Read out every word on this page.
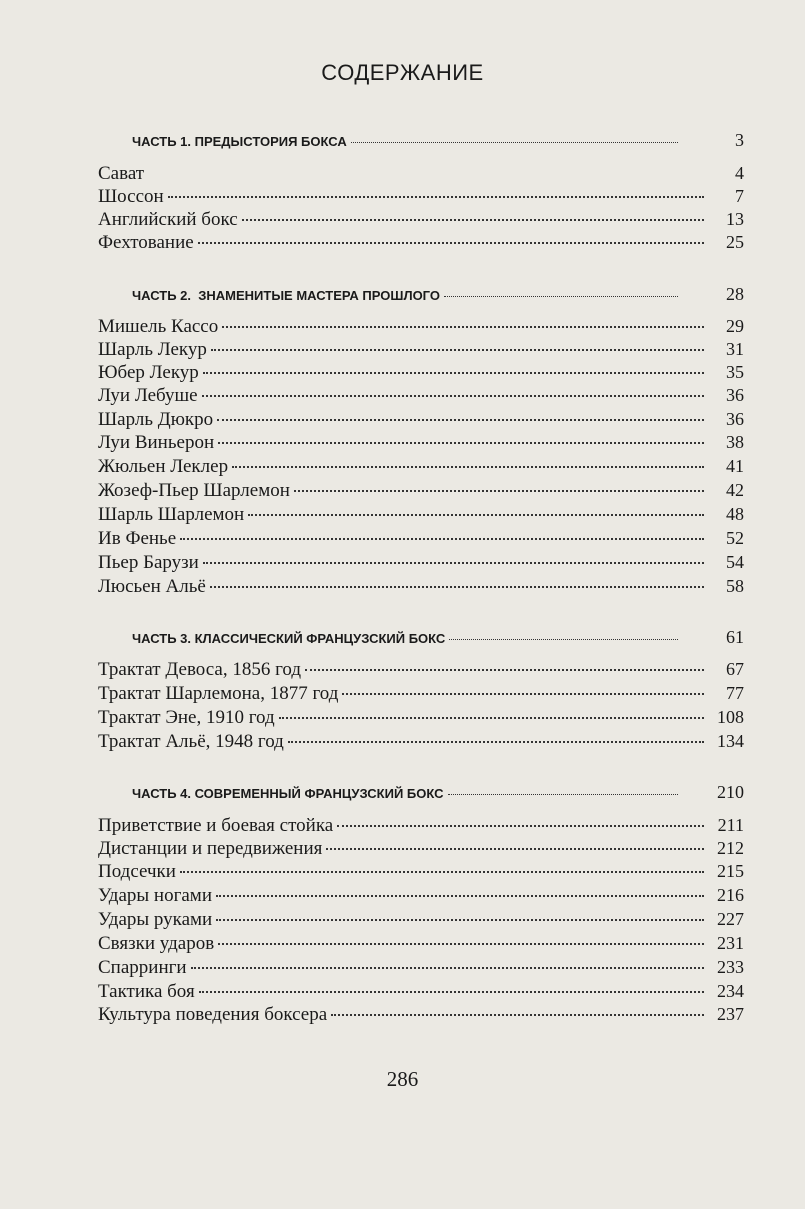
СОДЕРЖАНИЕ
ЧАСТЬ 1. ПРЕДЫСТОРИЯ БОКСА	3
Сават	4
Шоссон	7
Английский бокс	13
Фехтование	25
ЧАСТЬ 2.  ЗНАМЕНИТЫЕ МАСТЕРА ПРОШЛОГО	28
Мишель Кассо	29
Шарль Лекур	31
Юбер Лекур	35
Луи Лебуше	36
Шарль Дюкро	36
Луи Виньерон	38
Жюльен Леклер	41
Жозеф-Пьер Шарлемон	42
Шарль Шарлемон	48
Ив Фенье	52
Пьер Барузи	54
Люсьен Альё	58
ЧАСТЬ 3. КЛАССИЧЕСКИЙ ФРАНЦУЗСКИЙ БОКС	61
Трактат Девоса, 1856 год	67
Трактат Шарлемона, 1877 год	77
Трактат Эне, 1910 год	108
Трактат Альё, 1948 год	134
ЧАСТЬ 4. СОВРЕМЕННЫЙ ФРАНЦУЗСКИЙ БОКС	210
Приветствие и боевая стойка	211
Дистанции и передвижения	212
Подсечки	215
Удары ногами	216
Удары руками	227
Связки ударов	231
Спарринги	233
Тактика боя	234
Культура поведения боксера	237
286
